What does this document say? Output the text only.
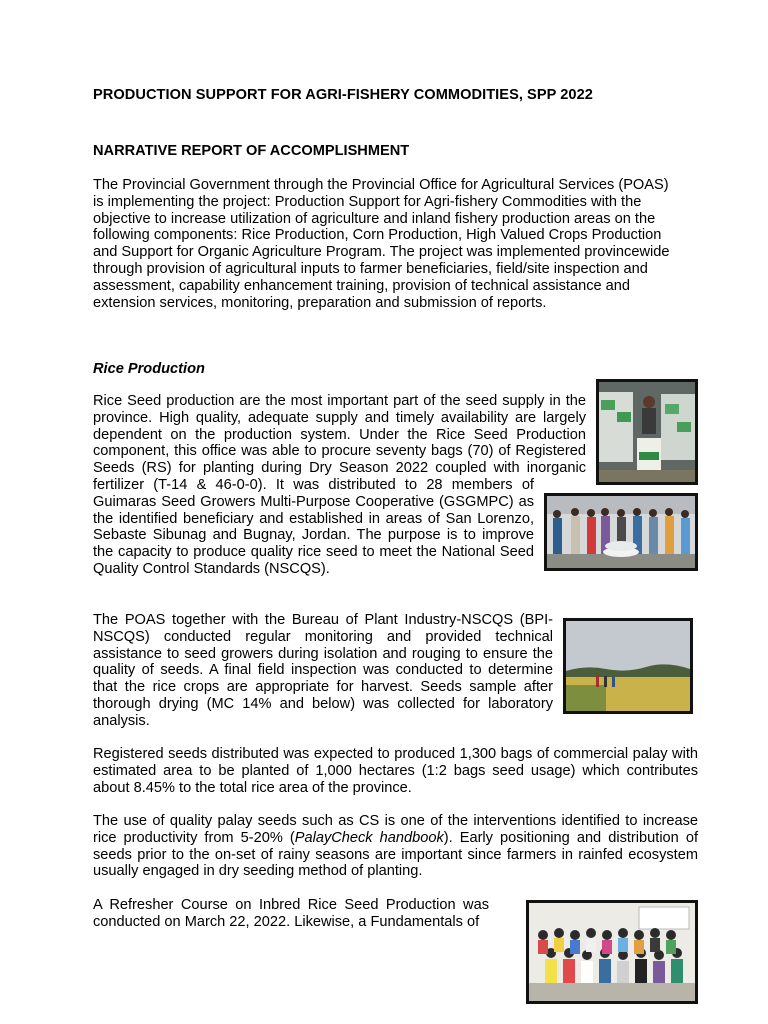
PRODUCTION SUPPORT FOR AGRI-FISHERY COMMODITIES, SPP 2022
NARRATIVE REPORT OF ACCOMPLISHMENT

The Provincial Government through the Provincial Office for Agricultural Services (POAS) is implementing the project: Production Support for Agri-fishery Commodities with the objective to increase utilization of agriculture and inland fishery production areas on the following components: Rice Production, Corn Production, High Valued Crops Production and Support for Organic Agriculture Program. The project was implemented provincewide through provision of agricultural inputs to farmer beneficiaries, field/site inspection and assessment, capability enhancement training, provision of technical assistance and extension services, monitoring, preparation and submission of reports.

Rice Production

Rice Seed production are the most important part of the seed supply in the province. High quality, adequate supply and timely availability are largely dependent on the production system. Under the Rice Seed Production component, this office was able to procure seventy bags (70) of Registered Seeds (RS) for planting during Dry Season 2022 coupled with inorganic fertilizer (T-14 & 46-0-0). It was distributed to 28 members of Guimaras Seed Growers Multi-Purpose Cooperative (GSGMPC) as the identified beneficiary and established in areas of San Lorenzo, Sebaste Sibunag and Bugnay, Jordan. The purpose is to improve the capacity to produce quality rice seed to meet the National Seed Quality Control Standards (NSCQS).

The POAS together with the Bureau of Plant Industry-NSCQS (BPI-NSCQS) conducted regular monitoring and provided technical assistance to seed growers during isolation and rouging to ensure the quality of seeds. A final field inspection was conducted to determine that the rice crops are appropriate for harvest. Seeds sample after thorough drying (MC 14% and below) was collected for laboratory analysis.

Registered seeds distributed was expected to produced 1,300 bags of commercial palay with estimated area to be planted of 1,000 hectares (1:2 bags seed usage) which contributes about 8.45% to the total rice area of the province.

The use of quality palay seeds such as CS is one of the interventions identified to increase rice productivity from 5-20% (PalayCheck handbook). Early positioning and distribution of seeds prior to the on-set of rainy seasons are important since farmers in rainfed ecosystem usually engaged in dry seeding method of planting.

A Refresher Course on Inbred Rice Seed Production was conducted on March 22, 2022. Likewise, a Fundamentals of
